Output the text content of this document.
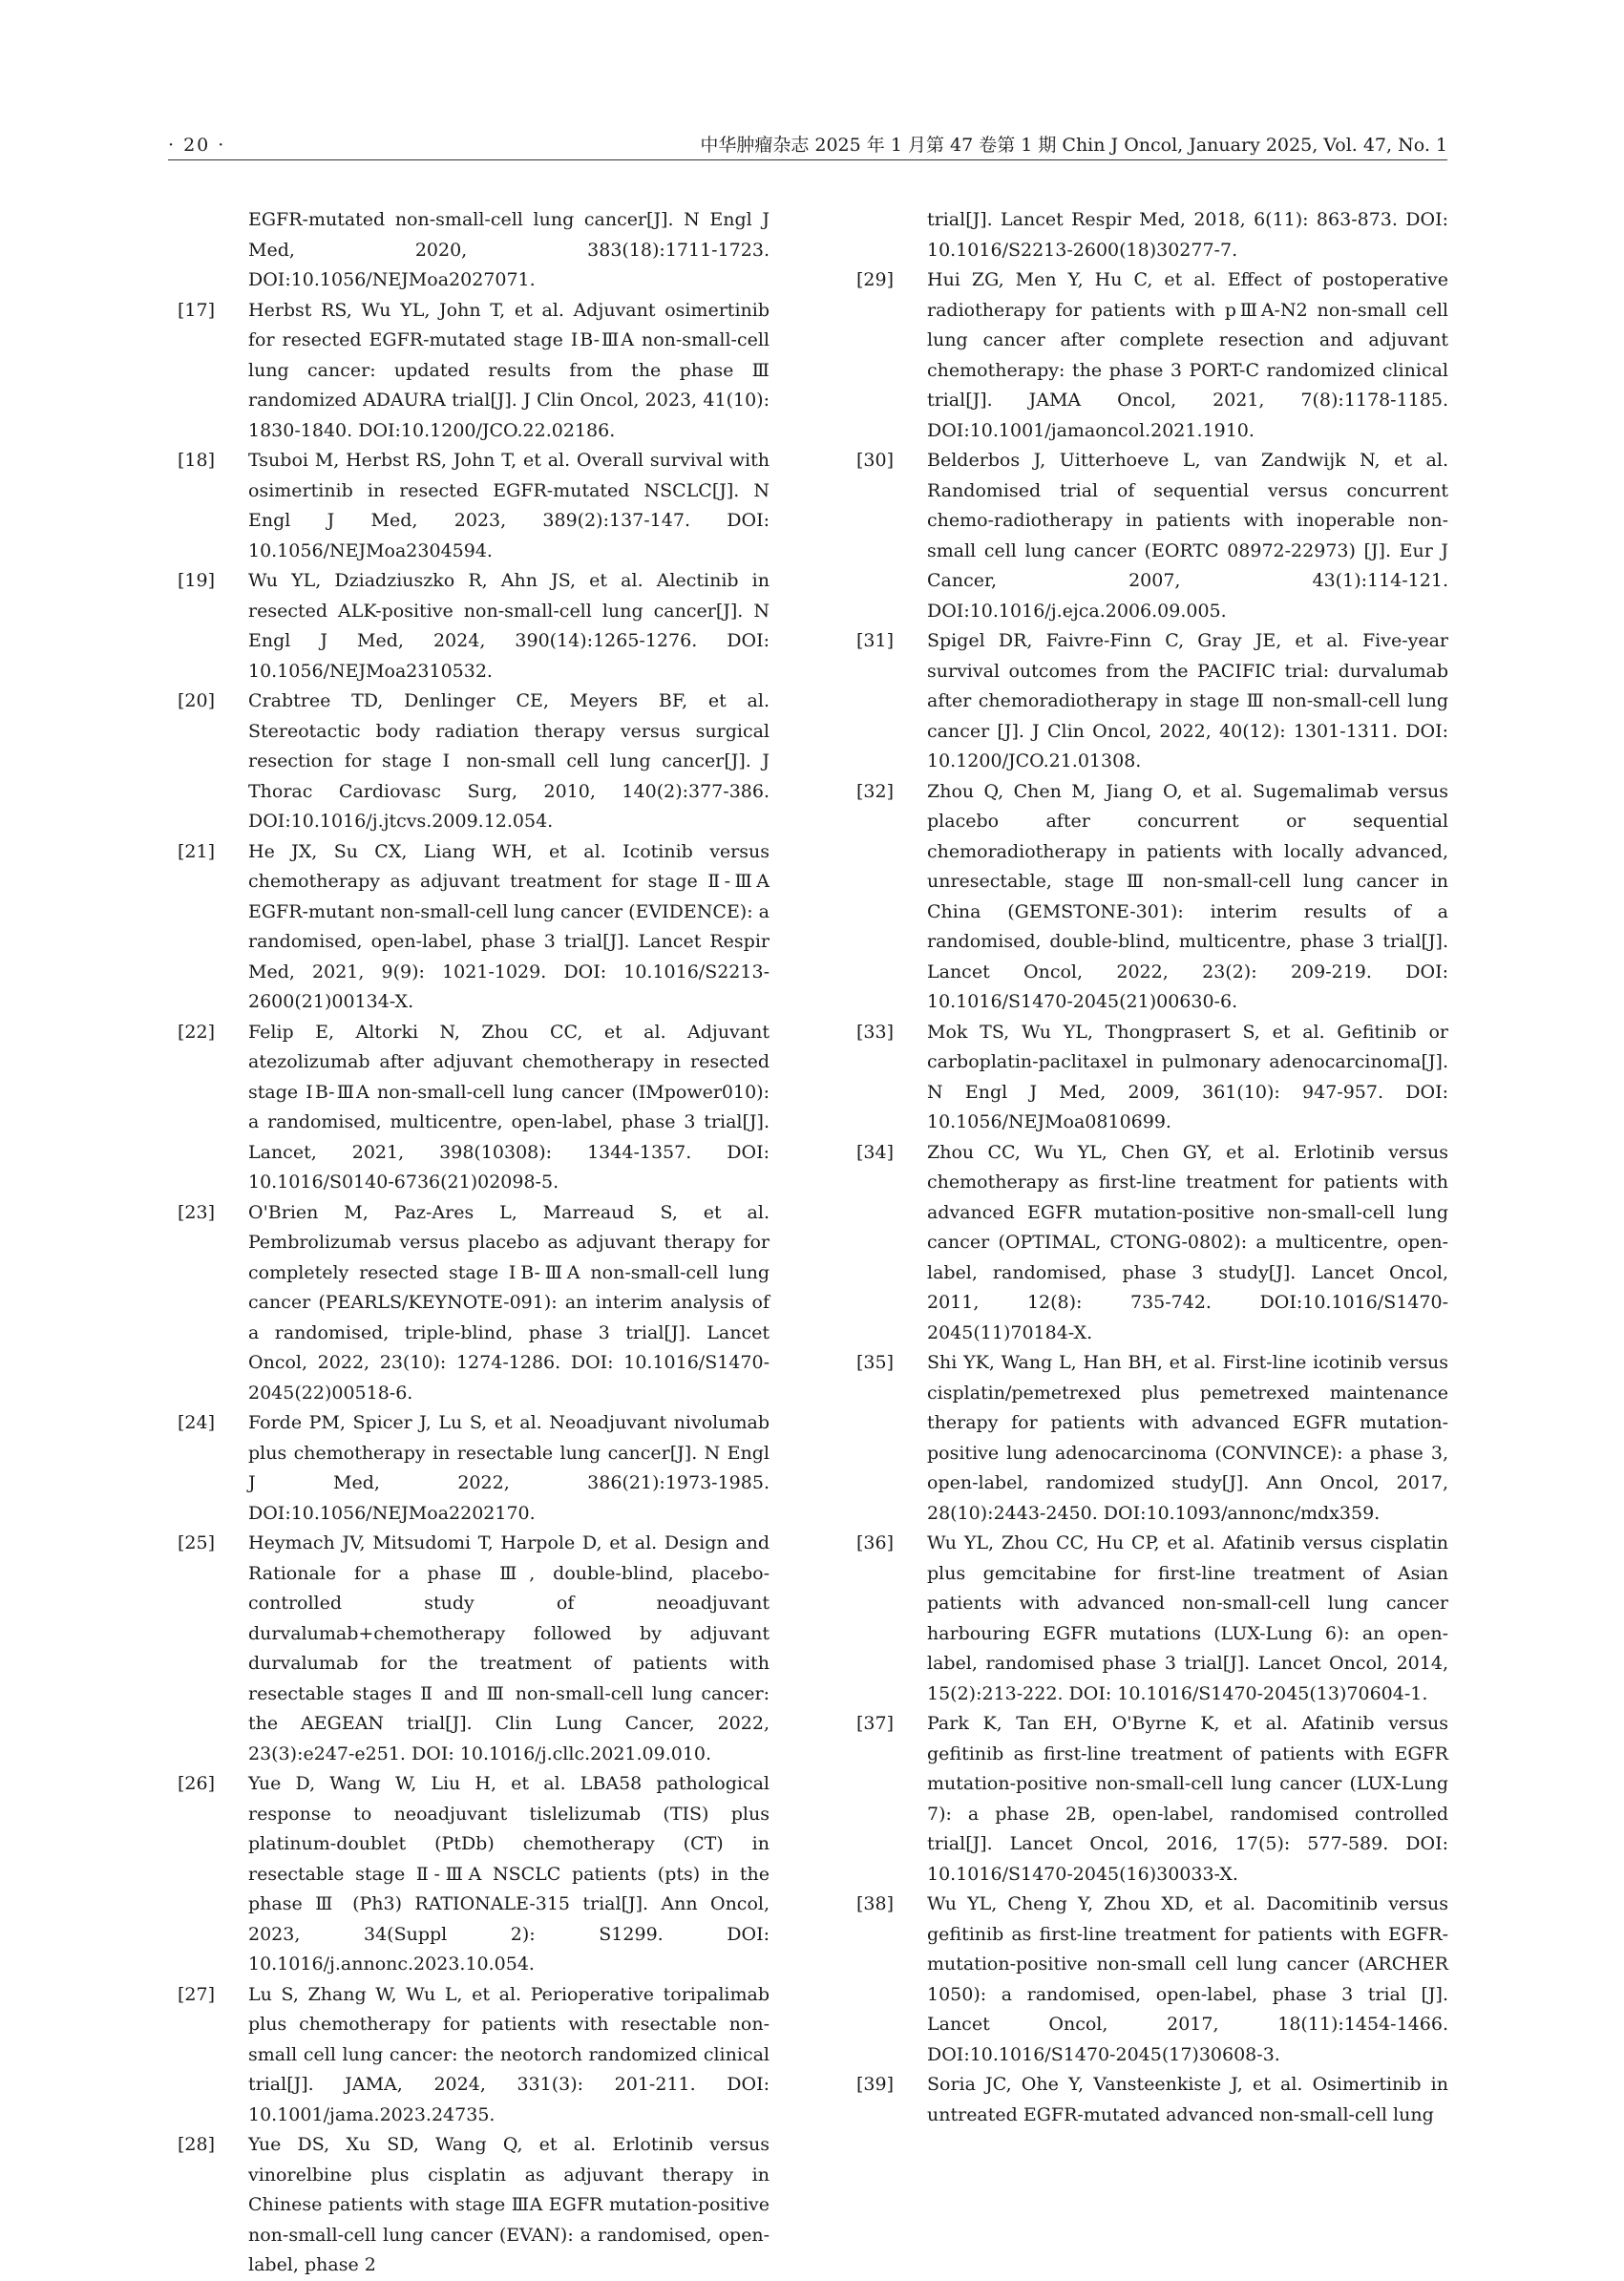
· 20 ·	中华肿瘤杂志 2025 年 1 月第 47 卷第 1 期 Chin J Oncol, January 2025, Vol. 47, No. 1
EGFR-mutated non-small-cell lung cancer[J]. N Engl J Med, 2020, 383(18):1711-1723. DOI:10.1056/NEJMoa2027071.
[17]	Herbst RS, Wu YL, John T, et al. Adjuvant osimertinib for resected EGFR-mutated stage ⅠB-ⅢA non-small-cell lung cancer: updated results from the phase Ⅲ randomized ADAURA trial[J]. J Clin Oncol, 2023, 41(10): 1830-1840. DOI:10.1200/JCO.22.02186.
[18]	Tsuboi M, Herbst RS, John T, et al. Overall survival with osimertinib in resected EGFR-mutated NSCLC[J]. N Engl J Med, 2023, 389(2):137-147. DOI: 10.1056/NEJMoa2304594.
[19]	Wu YL, Dziadziuszko R, Ahn JS, et al. Alectinib in resected ALK-positive non-small-cell lung cancer[J]. N Engl J Med, 2024, 390(14):1265-1276. DOI: 10.1056/NEJMoa2310532.
[20]	Crabtree TD, Denlinger CE, Meyers BF, et al. Stereotactic body radiation therapy versus surgical resection for stage Ⅰ non-small cell lung cancer[J]. J Thorac Cardiovasc Surg, 2010, 140(2):377-386. DOI:10.1016/j.jtcvs.2009.12.054.
[21]	He JX, Su CX, Liang WH, et al. Icotinib versus chemotherapy as adjuvant treatment for stage Ⅱ-ⅢA EGFR-mutant non-small-cell lung cancer (EVIDENCE): a randomised, open-label, phase 3 trial[J]. Lancet Respir Med, 2021, 9(9): 1021-1029. DOI: 10.1016/S2213-2600(21)00134-X.
[22]	Felip E, Altorki N, Zhou CC, et al. Adjuvant atezolizumab after adjuvant chemotherapy in resected stage ⅠB-ⅢA non-small-cell lung cancer (IMpower010): a randomised, multicentre, open-label, phase 3 trial[J]. Lancet, 2021, 398(10308): 1344-1357. DOI: 10.1016/S0140-6736(21)02098-5.
[23]	O'Brien M, Paz-Ares L, Marreaud S, et al. Pembrolizumab versus placebo as adjuvant therapy for completely resected stage ⅠB-ⅢA non-small-cell lung cancer (PEARLS/KEYNOTE-091): an interim analysis of a randomised, triple-blind, phase 3 trial[J]. Lancet Oncol, 2022, 23(10): 1274-1286. DOI: 10.1016/S1470-2045(22)00518-6.
[24]	Forde PM, Spicer J, Lu S, et al. Neoadjuvant nivolumab plus chemotherapy in resectable lung cancer[J]. N Engl J Med, 2022, 386(21):1973-1985. DOI:10.1056/NEJMoa2202170.
[25]	Heymach JV, Mitsudomi T, Harpole D, et al. Design and Rationale for a phase Ⅲ, double-blind, placebo-controlled study of neoadjuvant durvalumab+chemotherapy followed by adjuvant durvalumab for the treatment of patients with resectable stages Ⅱ and Ⅲ non-small-cell lung cancer: the AEGEAN trial[J]. Clin Lung Cancer, 2022, 23(3):e247-e251. DOI: 10.1016/j.cllc.2021.09.010.
[26]	Yue D, Wang W, Liu H, et al. LBA58 pathological response to neoadjuvant tislelizumab (TIS) plus platinum-doublet (PtDb) chemotherapy (CT) in resectable stage Ⅱ-ⅢA NSCLC patients (pts) in the phase Ⅲ (Ph3) RATIONALE-315 trial[J]. Ann Oncol, 2023, 34(Suppl 2): S1299. DOI: 10.1016/j.annonc.2023.10.054.
[27]	Lu S, Zhang W, Wu L, et al. Perioperative toripalimab plus chemotherapy for patients with resectable non-small cell lung cancer: the neotorch randomized clinical trial[J]. JAMA, 2024, 331(3): 201-211. DOI: 10.1001/jama.2023.24735.
[28]	Yue DS, Xu SD, Wang Q, et al. Erlotinib versus vinorelbine plus cisplatin as adjuvant therapy in Chinese patients with stage ⅢA EGFR mutation-positive non-small-cell lung cancer (EVAN): a randomised, open-label, phase 2
trial[J]. Lancet Respir Med, 2018, 6(11): 863-873. DOI: 10.1016/S2213-2600(18)30277-7.
[29]	Hui ZG, Men Y, Hu C, et al. Effect of postoperative radiotherapy for patients with pⅢA-N2 non-small cell lung cancer after complete resection and adjuvant chemotherapy: the phase 3 PORT-C randomized clinical trial[J]. JAMA Oncol, 2021, 7(8):1178-1185. DOI:10.1001/jamaoncol.2021.1910.
[30]	Belderbos J, Uitterhoeve L, van Zandwijk N, et al. Randomised trial of sequential versus concurrent chemo-radiotherapy in patients with inoperable non-small cell lung cancer (EORTC 08972-22973) [J]. Eur J Cancer, 2007, 43(1):114-121. DOI:10.1016/j.ejca.2006.09.005.
[31]	Spigel DR, Faivre-Finn C, Gray JE, et al. Five-year survival outcomes from the PACIFIC trial: durvalumab after chemoradiotherapy in stage Ⅲ non-small-cell lung cancer [J]. J Clin Oncol, 2022, 40(12): 1301-1311. DOI: 10.1200/JCO.21.01308.
[32]	Zhou Q, Chen M, Jiang O, et al. Sugemalimab versus placebo after concurrent or sequential chemoradiotherapy in patients with locally advanced, unresectable, stage Ⅲ non-small-cell lung cancer in China (GEMSTONE-301): interim results of a randomised, double-blind, multicentre, phase 3 trial[J]. Lancet Oncol, 2022, 23(2): 209-219. DOI: 10.1016/S1470-2045(21)00630-6.
[33]	Mok TS, Wu YL, Thongprasert S, et al. Gefitinib or carboplatin-paclitaxel in pulmonary adenocarcinoma[J]. N Engl J Med, 2009, 361(10): 947-957. DOI: 10.1056/NEJMoa0810699.
[34]	Zhou CC, Wu YL, Chen GY, et al. Erlotinib versus chemotherapy as first-line treatment for patients with advanced EGFR mutation-positive non-small-cell lung cancer (OPTIMAL, CTONG-0802): a multicentre, open-label, randomised, phase 3 study[J]. Lancet Oncol, 2011, 12(8): 735-742. DOI:10.1016/S1470-2045(11)70184-X.
[35]	Shi YK, Wang L, Han BH, et al. First-line icotinib versus cisplatin/pemetrexed plus pemetrexed maintenance therapy for patients with advanced EGFR mutation-positive lung adenocarcinoma (CONVINCE): a phase 3, open-label, randomized study[J]. Ann Oncol, 2017, 28(10):2443-2450. DOI:10.1093/annonc/mdx359.
[36]	Wu YL, Zhou CC, Hu CP, et al. Afatinib versus cisplatin plus gemcitabine for first-line treatment of Asian patients with advanced non-small-cell lung cancer harbouring EGFR mutations (LUX-Lung 6): an open-label, randomised phase 3 trial[J]. Lancet Oncol, 2014, 15(2):213-222. DOI: 10.1016/S1470-2045(13)70604-1.
[37]	Park K, Tan EH, O'Byrne K, et al. Afatinib versus gefitinib as first-line treatment of patients with EGFR mutation-positive non-small-cell lung cancer (LUX-Lung 7): a phase 2B, open-label, randomised controlled trial[J]. Lancet Oncol, 2016, 17(5): 577-589. DOI: 10.1016/S1470-2045(16)30033-X.
[38]	Wu YL, Cheng Y, Zhou XD, et al. Dacomitinib versus gefitinib as first-line treatment for patients with EGFR-mutation-positive non-small cell lung cancer (ARCHER 1050): a randomised, open-label, phase 3 trial [J]. Lancet Oncol, 2017, 18(11):1454-1466. DOI:10.1016/S1470-2045(17)30608-3.
[39]	Soria JC, Ohe Y, Vansteenkiste J, et al. Osimertinib in untreated EGFR-mutated advanced non-small-cell lung
